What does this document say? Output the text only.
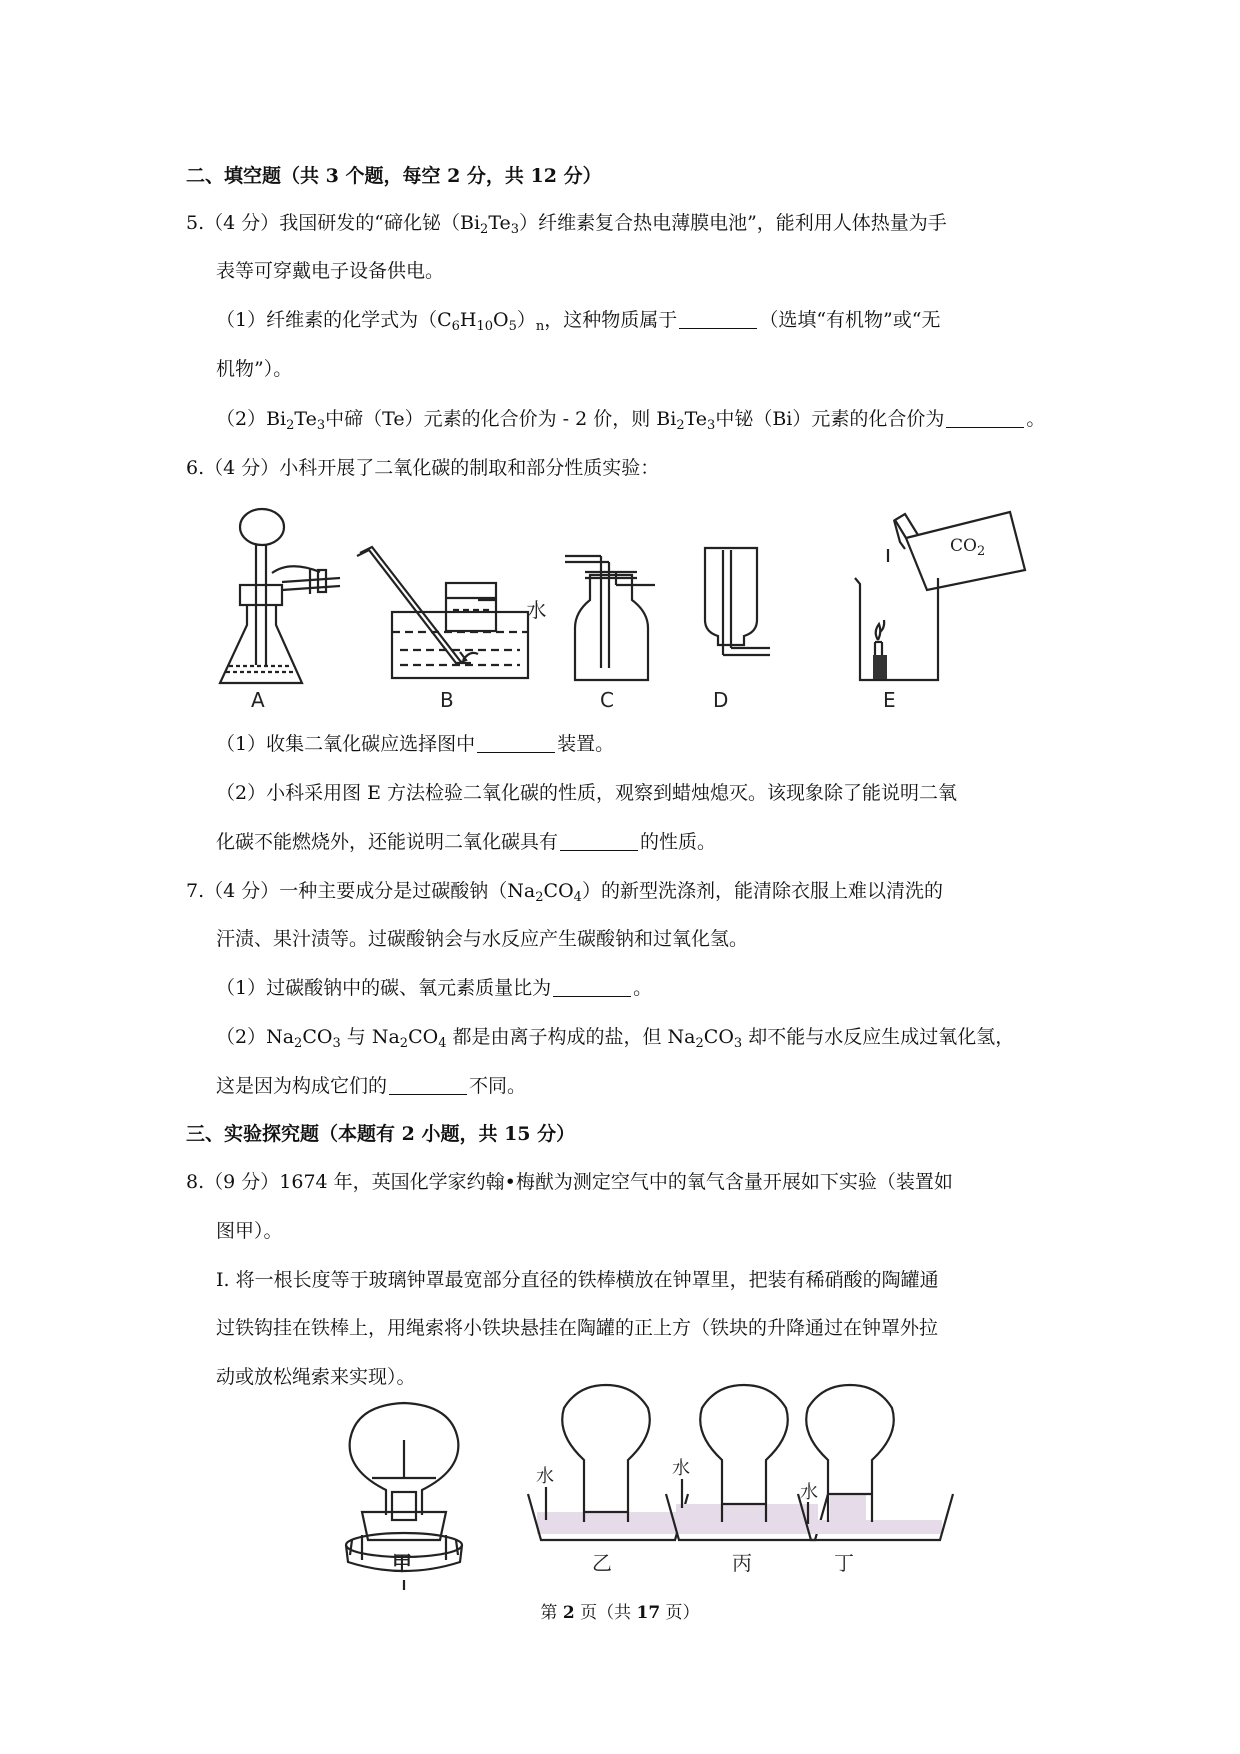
二、填空题（共 3 个题，每空 2 分，共 12 分）
5.（4 分）我国研发的“碲化铋$(Bi_2Te_3)$纤维素复合热电薄膜电池”，能利用人体热量为手
表等可穿戴电子设备供电。
（1）纤维素的化学式为$(C_6H_{10}O_5)_n$，这种物质属于	（选填“有机物”或“无
机物”）。
$(2)Bi_2Te_3$中碲（Te）元素的化合价为 - 2 价，则 $Bi_2Te_3$中铋（Bi）元素的化合价为	。
6.（4 分）小科开展了二氧化碳的制取和部分性质实验：
— 水
$CO_2$
A	B	C	D	E
（1）收集二氧化碳应选择图中	装置。
（2）小科采用图 E 方法检验二氧化碳的性质，观察到蜡烛熄灭。该现象除了能说明二氧
化碳不能燃烧外，还能说明二氧化碳具有	的性质。
7.（4 分）一种主要成分是过碳酸钠$(Na_2CO_4)$的新型洗涤剂，能清除衣服上难以清洗的
汗渍、果汁渍等。过碳酸钠会与水反应产生碳酸钠和过氧化氢。
（1）过碳酸钠中的碳、氧元素质量比为	。
$(2)Na_2CO_3$ 与 $Na_2CO_4$ 都是由离子构成的盐，但 $Na_2CO_3$ 却不能与水反应生成过氧化氢，
这是因为构成它们的	不同。
三、实验探究题（本题有 2 小题，共 15 分）
8.（9 分）1674 年，英国化学家约翰•梅猷为测定空气中的氧气含量开展如下实验（装置如
图甲）。
I. 将一根长度等于玻璃钟罩最宽部分直径的铁棒横放在钟罩里，把装有稀硝酸的陶罐通
过铁钩挂在铁棒上，用绳索将小铁块悬挂在陶罐的正上方（铁块的升降通过在钟罩外拉
动或放松绳索来实现）。
水	水
水
甲	乙	丙	丁
第 2 页（共 17 页）
